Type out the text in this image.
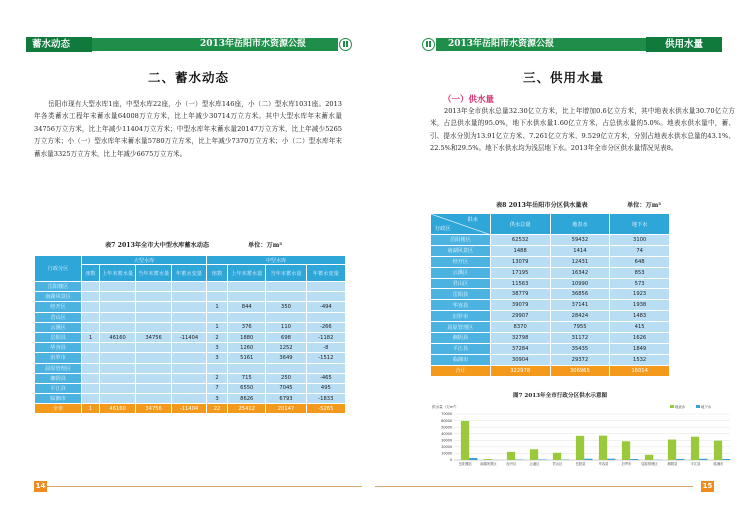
蓄水动态	2013年岳阳市水资源公报
二、蓄水动态
岳阳市现有大型水库1座，中型水库22座，小（一）型水库146座，小（二）型水库1031座。2013年各类蓄水工程年末蓄水量64008万立方米，比上年减少30714万立方米。其中大型水库年末蓄水量34756万立方米，比上年减少11404万立方米；中型水库年末蓄水量20147万立方米，比上年减少5265万立方米；小（一）型水库年末蓄水量5780万立方米，比上年减少7370万立方米；小（二）型水库年末蓄水量3325万立方米，比上年减少6675万立方米。
表7 2013年全市大中型水库蓄水动态	单位：万m³
行政分区	大型水库				中型水库			
	座数	上年末蓄水量	当年末蓄水量	年蓄水变量	座数	上年末蓄水量	当年末蓄水量	年蓄水变量
岳阳楼区								
南湖风景区								
经开区					1	844	350	-494
君山区								
云溪区					1	376	110	-266
岳阳县	1	46160	34756	-11404	2	1880	698	-1182
华容县					3	1260	1252	-8
汨罗市					3	5161	3649	-1512
屈原管理区								
湘阴县					2	715	250	-465
平江县					7	6550	7045	495
临湘市					3	8626	6793	-1833
全市	1	46160	34756	-11404	22	25412	20147	-5265
14
2013年岳阳市水资源公报	供用水量
三、供用水量
（一）供水量
2013年全市供水总量32.30亿立方米，比上年增加0.6亿立方米，其中地表水供水量30.70亿立方米，占总供水量的95.0%，地下水供水量1.60亿立方米，占总供水量的5.0%。地表水供水量中，蓄、引、提水分别为13.91亿立方米、7.261亿立方米、9.529亿立方米，分别占地表水供水总量的43.1%、22.5%和29.5%。地下水供水均为浅层地下水。2013年全市分区供水量情况见表8。
表8 2013年岳阳市分区供水量表	单位：万m³
供水
行政区	供水总量	地表水	地下水
岳阳楼区	62532	59432	3100
南湖风景区	1488	1414	74
经开区	13079	12431	648
云溪区	17195	16342	853
君山区	11563	10990	573
岳阳县	38779	36856	1923
华容县	39079	37141	1938
汨罗市	29907	28424	1483
屈原管理区	8370	7955	415
湘阴县	32798	31172	1626
平江县	37284	35435	1849
临湘市	30904	29372	1532
合计	322978	306965	16014
图7 2013年全市行政分区供水示意图
供水量（万m³）
70000
60000
50000
40000
30000
20000
10000
0
岳阳楼区 南湖风景区	经开区	云溪区	君山区	岳阳县	华容县	汨罗市	屈原管理区	湘阴县	平江县	临湘市
地表水	地下水
15
